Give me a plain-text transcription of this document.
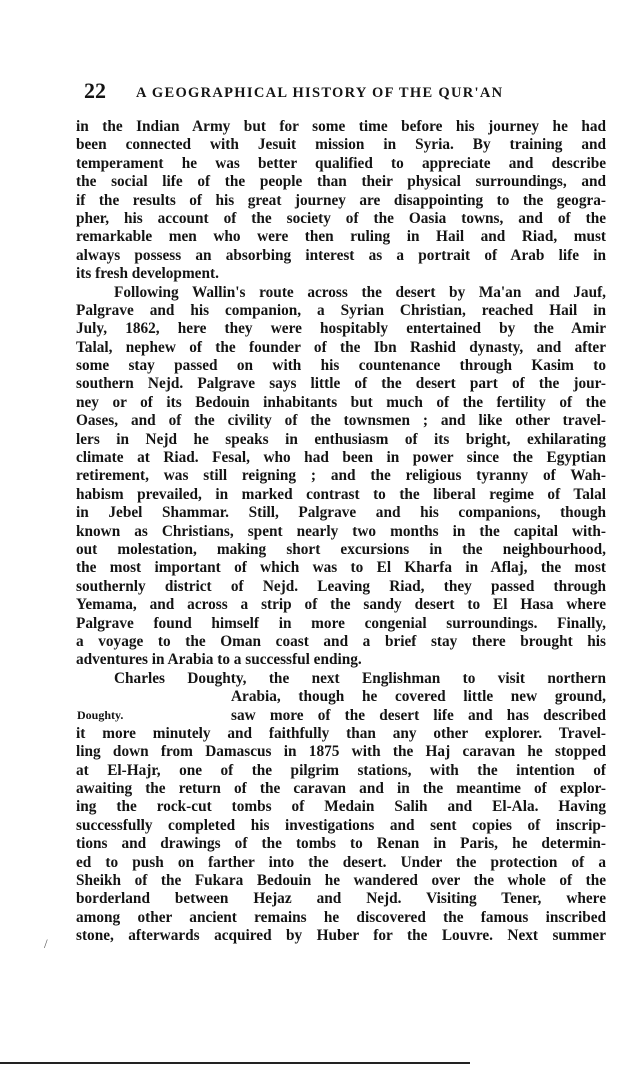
22 A GEOGRAPHICAL HISTORY OF THE QUR'AN
in the Indian Army but for some time before his journey he had
been connected with Jesuit mission in Syria. By training and
temperament he was better qualified to appreciate and describe
the social life of the people than their physical surroundings, and
if the results of his great journey are disappointing to the geogra-
pher, his account of the society of the Oasia towns, and of the
remarkable men who were then ruling in Hail and Riad, must
always possess an absorbing interest as a portrait of Arab life in
its fresh development.
Following Wallin's route across the desert by Ma'an and Jauf,
Palgrave and his companion, a Syrian Christian, reached Hail in
July, 1862, here they were hospitably entertained by the Amir
Talal, nephew of the founder of the Ibn Rashid dynasty, and after
some stay passed on with his countenance through Kasim to
southern Nejd. Palgrave says little of the desert part of the jour-
ney or of its Bedouin inhabitants but much of the fertility of the
Oases, and of the civility of the townsmen ; and like other travel-
lers in Nejd he speaks in enthusiasm of its bright, exhilarating
climate at Riad. Fesal, who had been in power since the Egyptian
retirement, was still reigning ; and the religious tyranny of Wah-
habism prevailed, in marked contrast to the liberal regime of Talal
in Jebel Shammar. Still, Palgrave and his companions, though
known as Christians, spent nearly two months in the capital with-
out molestation, making short excursions in the neighbourhood,
the most important of which was to El Kharfa in Aflaj, the most
southernly district of Nejd. Leaving Riad, they passed through
Yemama, and across a strip of the sandy desert to El Hasa where
Palgrave found himself in more congenial surroundings. Finally,
a voyage to the Oman coast and a brief stay there brought his
adventures in Arabia to a successful ending.
Charles Doughty, the next Englishman to visit northern
Arabia, though he covered little new ground,
saw more of the desert life and has described
it more minutely and faithfully than any other explorer. Travel-
ling down from Damascus in 1875 with the Haj caravan he stopped
at El-Hajr, one of the pilgrim stations, with the intention of
awaiting the return of the caravan and in the meantime of explor-
ing the rock-cut tombs of Medain Salih and El-Ala. Having
successfully completed his investigations and sent copies of inscrip-
tions and drawings of the tombs to Renan in Paris, he determin-
ed to push on farther into the desert. Under the protection of a
Sheikh of the Fukara Bedouin he wandered over the whole of the
borderland between Hejaz and Nejd. Visiting Tener, where
among other ancient remains he discovered the famous inscribed
stone, afterwards acquired by Huber for the Louvre. Next summer
Doughty.
/
